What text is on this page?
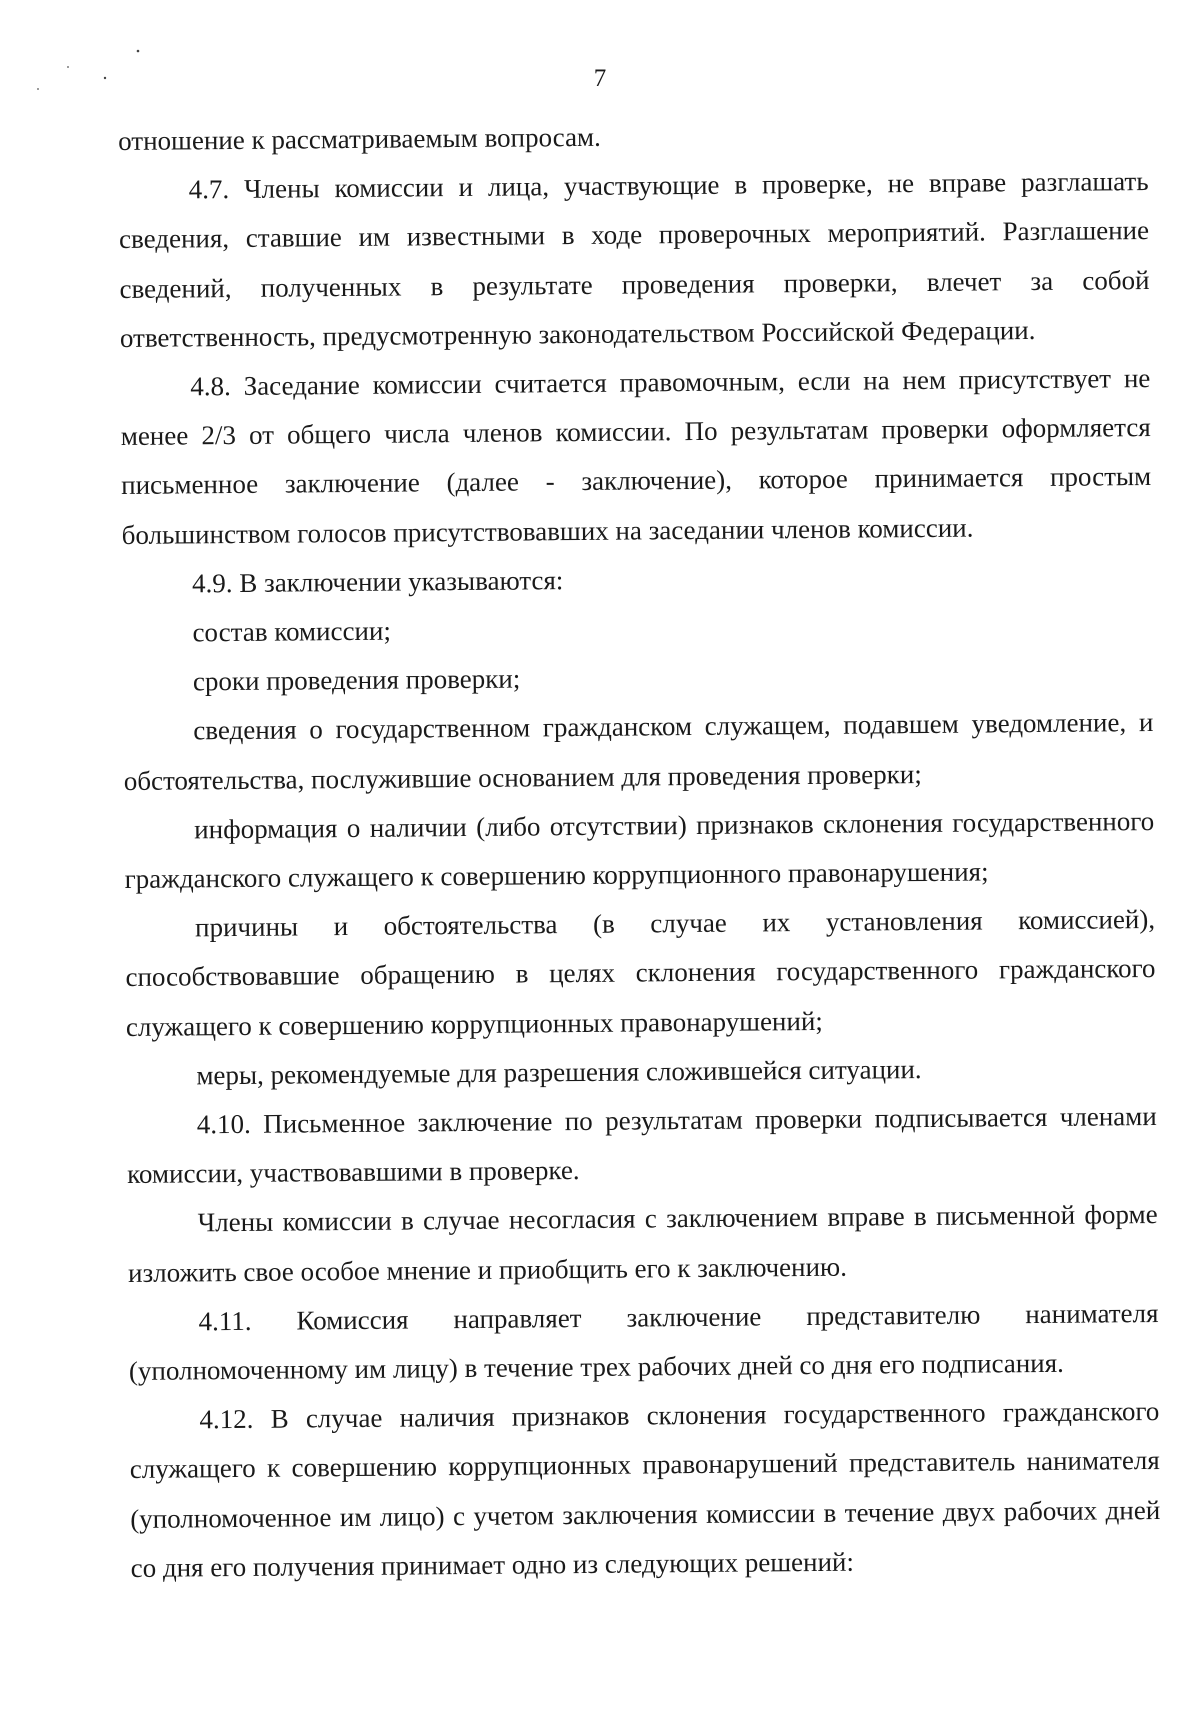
7

отношение к рассматриваемым вопросам.

4.7. Члены комиссии и лица, участвующие в проверке, не вправе разглашать сведения, ставшие им известными в ходе проверочных мероприятий. Разглашение сведений, полученных в результате проведения проверки, влечет за собой ответственность, предусмотренную законодательством Российской Федерации.

4.8. Заседание комиссии считается правомочным, если на нем присутствует не менее 2/3 от общего числа членов комиссии. По результатам проверки оформляется письменное заключение (далее - заключение), которое принимается простым большинством голосов присутствовавших на заседании членов комиссии.

4.9. В заключении указываются:

состав комиссии;

сроки проведения проверки;

сведения о государственном гражданском служащем, подавшем уведомление, и обстоятельства, послужившие основанием для проведения проверки;

информация о наличии (либо отсутствии) признаков склонения государственного гражданского служащего к совершению коррупционного правонарушения;

причины и обстоятельства (в случае их установления комиссией), способствовавшие обращению в целях склонения государственного гражданского служащего к совершению коррупционных правонарушений;

меры, рекомендуемые для разрешения сложившейся ситуации.

4.10. Письменное заключение по результатам проверки подписывается членами комиссии, участвовавшими в проверке.

Члены комиссии в случае несогласия с заключением вправе в письменной форме изложить свое особое мнение и приобщить его к заключению.

4.11. Комиссия направляет заключение представителю нанимателя (уполномоченному им лицу) в течение трех рабочих дней со дня его подписания.

4.12. В случае наличия признаков склонения государственного гражданского служащего к совершению коррупционных правонарушений представитель нанимателя (уполномоченное им лицо) с учетом заключения комиссии в течение двух рабочих дней со дня его получения принимает одно из следующих решений:
